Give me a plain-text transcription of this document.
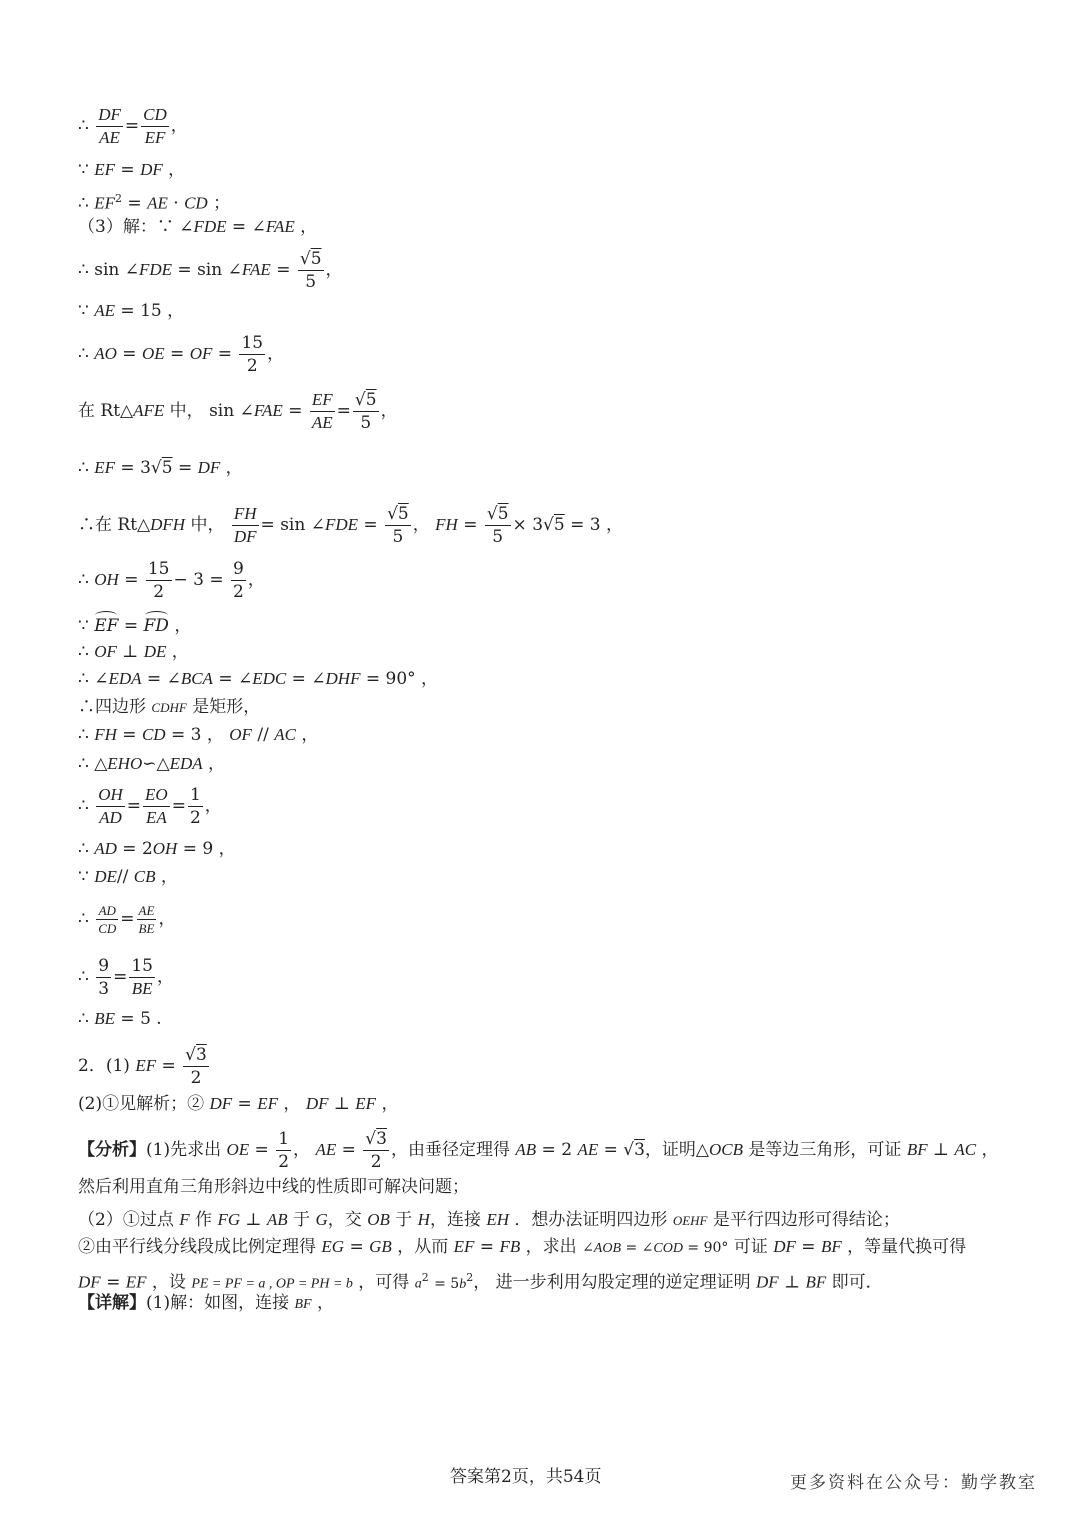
∴ $\frac{DF}{AE} = \frac{CD}{EF}$ ，
∵ EF = DF ，
∴ $EF^2$ = AE · CD ；
（3）解：∵ ∠FDE = ∠FAE ，
∴ sin ∠FDE = sin ∠FAE = $\frac{√5}{5}$ ，
∵ AE = 15 ，
∴ AO = OE = OF = $\frac{15}{2}$ ，
在 Rt△AFE 中， sin ∠FAE = $\frac{EF}{AE} = \frac{√5}{5}$ ，
∴ EF = 3√5 = DF ，
∴在 Rt△DFH 中， $\frac{FH}{DF} = \sin$ ∠FDE = $\frac{√5}{5}$ ， FH = $\frac{√5}{5} \times 3√5 = 3$ ，
∴ OH = $\frac{15}{2} - 3 = \frac{9}{2}$ ，
∵ EF = FD ，
∴ OF ⊥ DE ，
∴ ∠EDA = ∠BCA = ∠EDC = ∠DHF = 90° ，
∴四边形 CDHF 是矩形，
∴ FH = CD = 3 ， OF // AC ，
∴ △EHO∽△EDA ，
∴ $\frac{OH}{AD} = \frac{EO}{EA} = \frac{1}{2}$ ，
∴ AD = 2OH = 9 ，
∵ DE// CB ，
∴ $\frac{AD}{CD} = \frac{AE}{BE}$ ，
∴ $\frac{9}{3} = \frac{15}{BE}$ ，
∴ BE = 5 .
2．(1) EF = $\frac{√3}{2}$
(2)①见解析；② DF = EF ， DF ⊥ EF ，
【分析】(1)先求出 OE = $\frac{1}{2}$ ， AE = $\frac{√3}{2}$ ，由垂径定理得 AB = 2 AE = √3，证明△OCB 是等边三角形，可证 BF ⊥ AC ，
然后利用直角三角形斜边中线的性质即可解决问题；
（2）①过点 F 作 FG ⊥ AB 于 G，交 OB 于 H，连接 EH ．想办法证明四边形 OEHF 是平行四边形可得结论；
②由平行线分线段成比例定理得 EG = GB ，从而 EF = FB ，求出 ∠AOB = ∠COD = 90° 可证 DF = BF ，等量代换可得
DF = EF ，设 PE = PF = a , OP = PH = b ，可得 $a^2 = 5b^2$， 进一步利用勾股定理的逆定理证明 DF ⊥ BF 即可．
【详解】(1)解：如图，连接 BF ，
答案第2页，共54页	更多资料在公众号：勤学教室
